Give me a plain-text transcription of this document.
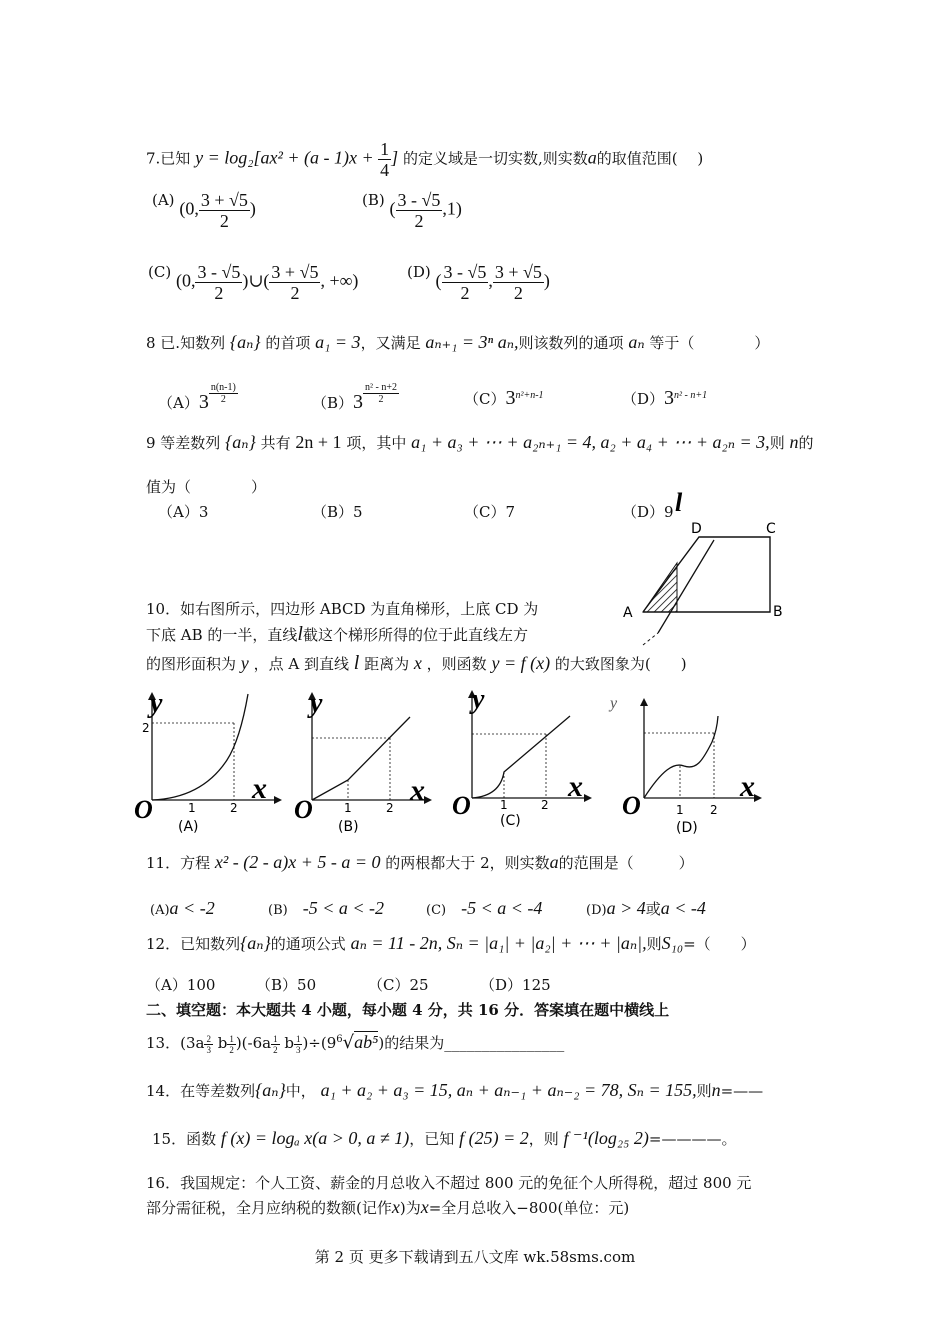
7.已知 $y = \log_2[ax^2 + (a - 1)x + \frac{1}{4}$ ] 的定义域是一切实数,则实数a的取值范围(　 )
(A) (0, $\frac{3 + √5}{2}$ )	(B) ( $\frac{3 - √5}{2} ,1$)
(C) (0, $\frac{3 - √5}{2}$ )∪( $\frac{3 + √5}{2}$ , +∞)	(D) ( $\frac{3 - √5}{2}$ , $\frac{3 + √5}{2}$ )
8 已.知数列 {aₙ} 的首项 a₁ = 3，又满足 aₙ₊₁ = 3ⁿ aₙ,则该数列的通项 aₙ 等于（　　　　）
$(A)3 \frac{n(n-1)}{2}$	$(B)3 \frac{\text{n² - n+2}}{2}$	$(C)3^{n^2+n-1}$	$(D)3^{n^2 - n+1}$
9 等差数列 {aₙ} 共有 2n + 1 项，其中 a₁ + a₃ + ⋯ + a₂ₙ₊₁ = 4, a₂ + a₄ + ⋯ + a₂ₙ = 3,则 n的
值为（　　　　）
（A）3	（B）5	（C）7	（D）9 l
A	B
C
D
10．如右图所示，四边形 ABCD 为直角梯形，上底 CD 为
下底 AB 的一半，直线l截这个梯形所得的位于此直线左方
的图形面积为 y ，点 A 到直线 l 距离为 x ，则函数 y = f (x) 的大致图象为(　　)
2
1	2
y
x
O
(A)
1	2
y
x
O
(B)
1	2
y
x
O
(C)
1 2
y
x
O
(D)
11．方程 x² - (2 - a)x + 5 - a = 0 的两根都大于 2，则实数a的范围是（　　　）
(A)a < -2	(B)　 -5 < a < -2	(C)　 -5 < a < -4	(D)a > 4或a < -4
12．已知数列{aₙ}的通项公式 aₙ = 11 - 2n, Sₙ = |a₁| + |a₂| + ⋯ + |aₙ|,则S₁₀=（　　）
（A）100	（B）50	（C）25	（D）125
二、填空题：本大题共 4 小题，每小题 4 分，共 16 分．答案填在题中横线上
13．($3a \frac{2}{3}$ b $\frac{1}{2} )(-6a \frac{1}{2}$ b $\frac{1}{3} )\div(9^6√ab^5)$的结果为________________
14．在等差数列{aₙ}中， a₁ + a₂ + a₃ = 15, aₙ + aₙ₋₁ + aₙ₋₂ = 78, Sₙ = 155,则n=——
15．函数 f (x) = logₐ x(a > 0, a ≠ 1)，已知 f (25) = 2，则 f ⁻¹(log₂₅ 2)=————。
16．我国规定：个人工资、薪金的月总收入不超过 800 元的免征个人所得税，超过 800 元
部分需征税，全月应纳税的数额(记作x)为x=全月总收入−800(单位：元)
第 2 页 更多下载请到五八文库 wk.58sms.com
